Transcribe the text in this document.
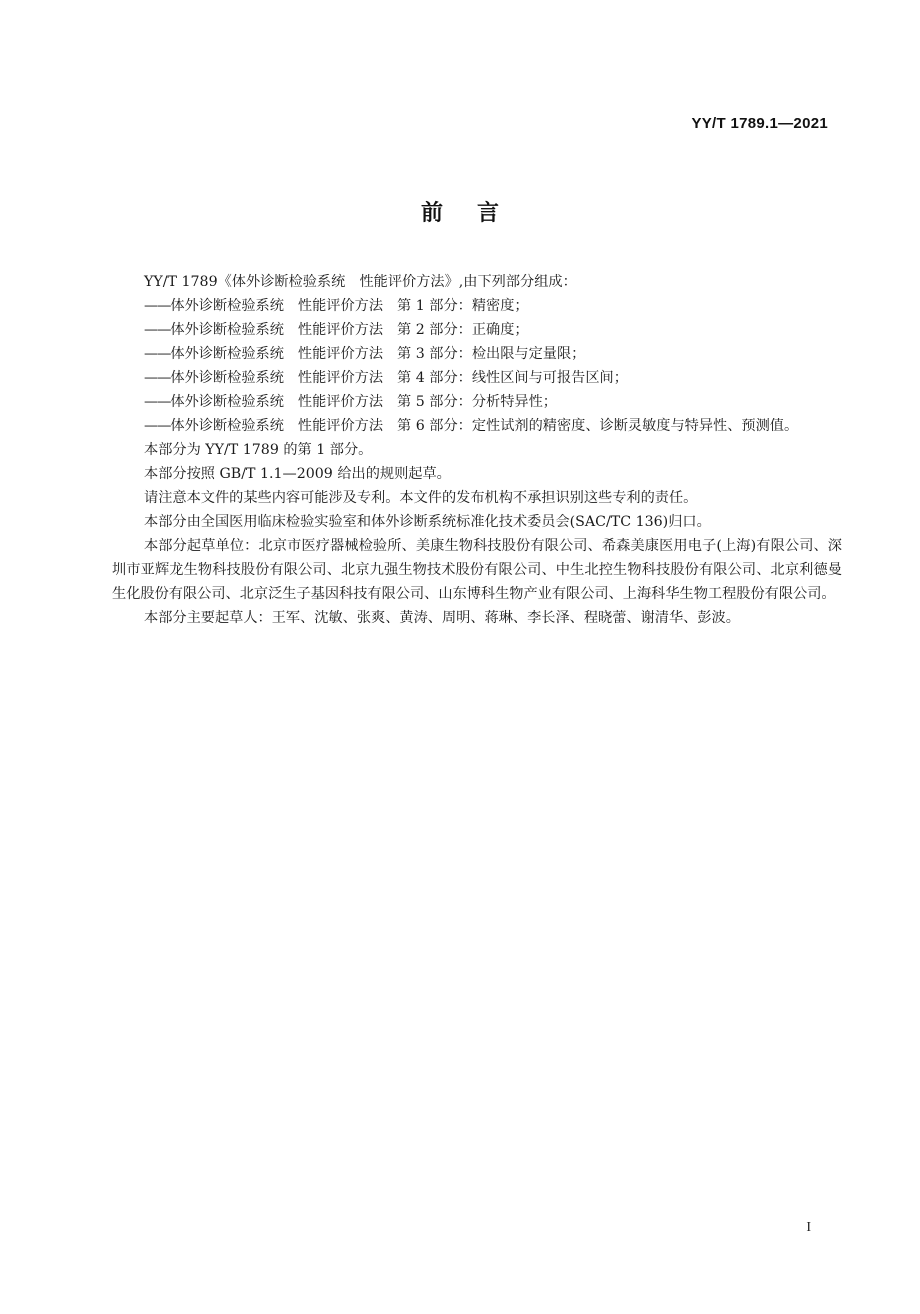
YY/T 1789.1—2021
前言

YY/T 1789《体外诊断检验系统　性能评价方法》,由下列部分组成：

——体外诊断检验系统 性能评价方法 第 1 部分：精密度；

——体外诊断检验系统 性能评价方法 第 2 部分：正确度；

——体外诊断检验系统 性能评价方法 第 3 部分：检出限与定量限；

——体外诊断检验系统 性能评价方法 第 4 部分：线性区间与可报告区间；

——体外诊断检验系统 性能评价方法 第 5 部分：分析特异性；

——体外诊断检验系统 性能评价方法 第 6 部分：定性试剂的精密度、诊断灵敏度与特异性、预测值。

本部分为 YY/T 1789 的第 1 部分。

本部分按照 GB/T 1.1—2009 给出的规则起草。

请注意本文件的某些内容可能涉及专利。本文件的发布机构不承担识别这些专利的责任。

本部分由全国医用临床检验实验室和体外诊断系统标准化技术委员会(SAC/TC 136)归口。

本部分起草单位：北京市医疗器械检验所、美康生物科技股份有限公司、希森美康医用电子(上海)有限公司、深圳市亚辉龙生物科技股份有限公司、北京九强生物技术股份有限公司、中生北控生物科技股份有限公司、北京利德曼生化股份有限公司、北京泛生子基因科技有限公司、山东博科生物产业有限公司、上海科华生物工程股份有限公司。

本部分主要起草人：王军、沈敏、张爽、黄涛、周明、蒋琳、李长泽、程晓蕾、谢清华、彭波。

I
